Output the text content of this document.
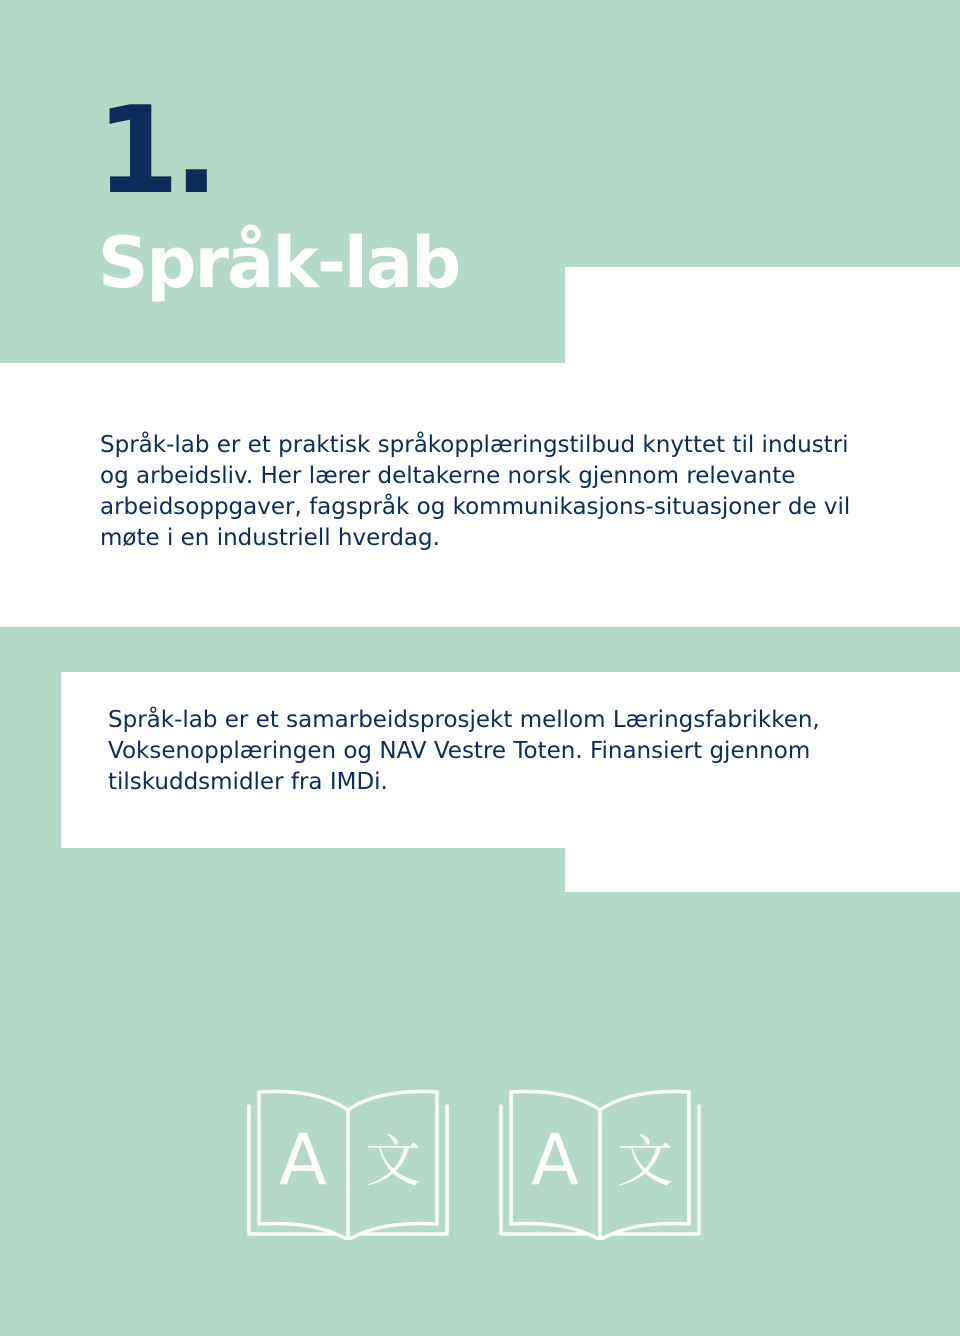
1.
Språk-lab

Språk-lab er et praktisk språkopplæringstilbud knyttet til industri og arbeidsliv. Her lærer deltakerne norsk gjennom relevante arbeidsoppgaver, fagspråk og kommunikasjons-situasjoner de vil møte i en industriell hverdag.

Språk-lab er et samarbeidsprosjekt mellom Læringsfabrikken, Voksenopplæringen og NAV Vestre Toten. Finansiert gjennom tilskuddsmidler fra IMDi.

A 文 A 文
